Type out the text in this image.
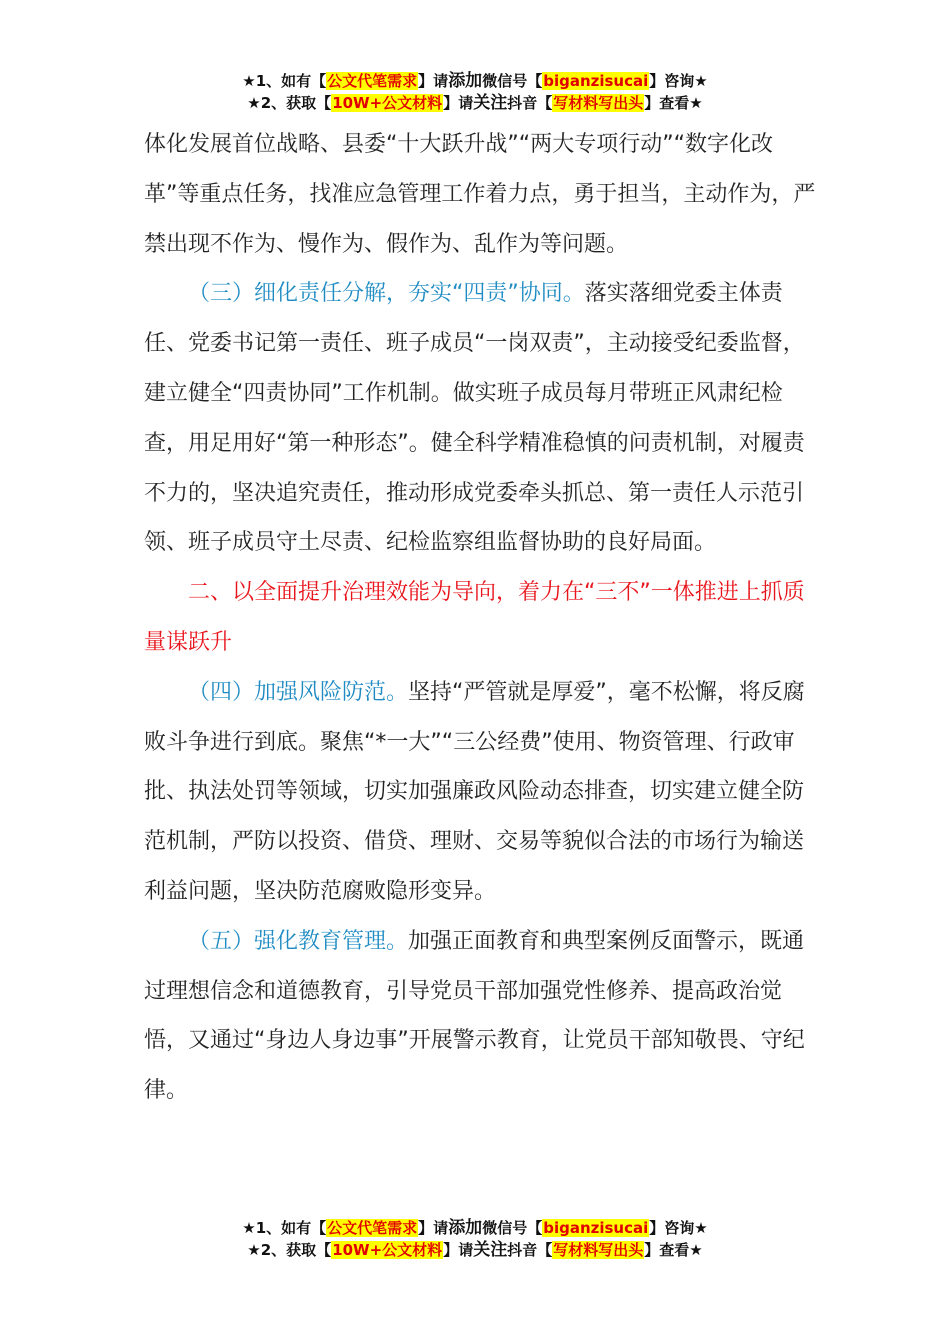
★1、如有【公文代笔需求】请添加微信号【biganzisucai】咨询★
★2、获取【10W+公文材料】请关注抖音【写材料写出头】查看★

体化发展首位战略、县委“十大跃升战”“两大专项行动”“数字化改革”等重点任务，找准应急管理工作着力点，勇于担当，主动作为，严禁出现不作为、慢作为、假作为、乱作为等问题。

（三）细化责任分解，夯实“四责”协同。落实落细党委主体责任、党委书记第一责任、班子成员“一岗双责”，主动接受纪委监督，建立健全“四责协同”工作机制。做实班子成员每月带班正风肃纪检查，用足用好“第一种形态”。健全科学精准稳慎的问责机制，对履责不力的，坚决追究责任，推动形成党委牵头抓总、第一责任人示范引领、班子成员守土尽责、纪检监察组监督协助的良好局面。

二、以全面提升治理效能为导向，着力在“三不”一体推进上抓质量谋跃升

（四）加强风险防范。坚持“严管就是厚爱”，毫不松懈，将反腐败斗争进行到底。聚焦“*一大”“三公经费”使用、物资管理、行政审批、执法处罚等领域，切实加强廉政风险动态排查，切实建立健全防范机制，严防以投资、借贷、理财、交易等貌似合法的市场行为输送利益问题，坚决防范腐败隐形变异。

（五）强化教育管理。加强正面教育和典型案例反面警示，既通过理想信念和道德教育，引导党员干部加强党性修养、提高政治觉悟，又通过“身边人身边事”开展警示教育，让党员干部知敬畏、守纪律。

★1、如有【公文代笔需求】请添加微信号【biganzisucai】咨询★
★2、获取【10W+公文材料】请关注抖音【写材料写出头】查看★
